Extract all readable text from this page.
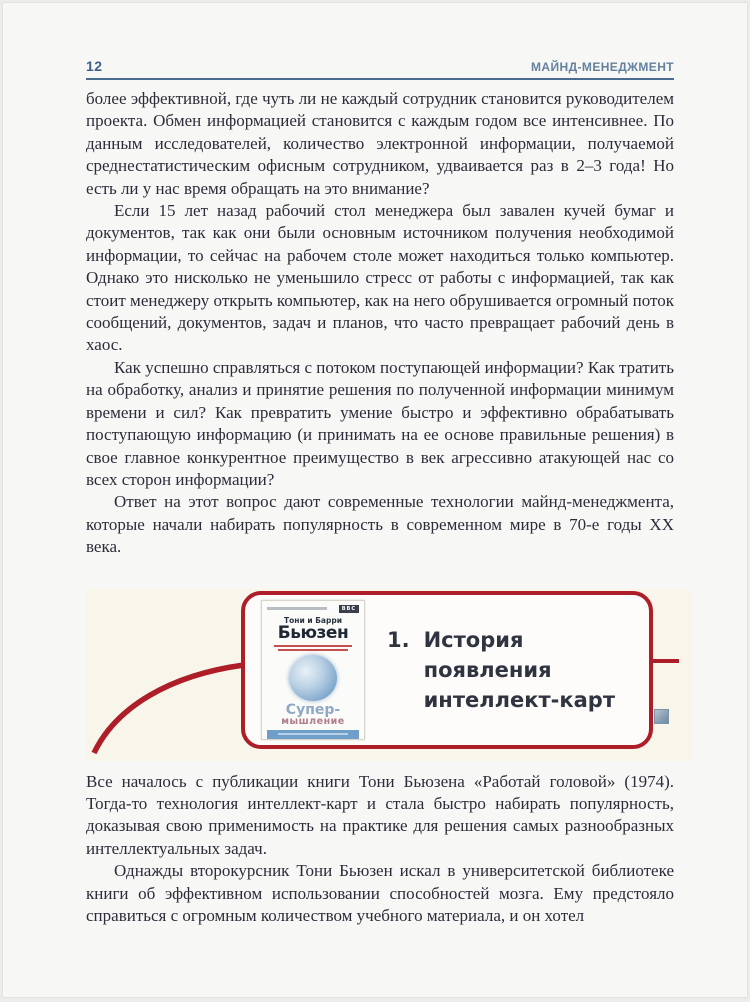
12	МАЙНД-МЕНЕДЖМЕНТ

более эффективной, где чуть ли не каждый сотрудник становится руководителем проекта. Обмен информацией становится с каждым годом все интенсивнее. По данным исследователей, количество электронной информации, получаемой среднестатистическим офисным сотрудником, удваивается раз в 2–3 года! Но есть ли у нас время обращать на это внимание?

Если 15 лет назад рабочий стол менеджера был завален кучей бумаг и документов, так как они были основным источником получения необходимой информации, то сейчас на рабочем столе может находиться только компьютер. Однако это нисколько не уменьшило стресс от работы с информацией, так как стоит менеджеру открыть компьютер, как на него обрушивается огромный поток сообщений, документов, задач и планов, что часто превращает рабочий день в хаос.

Как успешно справляться с потоком поступающей информации? Как тратить на обработку, анализ и принятие решения по полученной информации минимум времени и сил? Как превратить умение быстро и эффективно обрабатывать поступающую информацию (и принимать на ее основе правильные решения) в свое главное конкурентное преимущество в век агрессивно атакующей нас со всех сторон информации?

Ответ на этот вопрос дают современные технологии майнд-менеджмента, которые начали набирать популярность в современном мире в 70-е годы XX века.

BBC
Тони и Барри
Бьюзен
Супер-
мышление
1. История появления интеллект-карт

Все началось с публикации книги Тони Бьюзена «Работай головой» (1974). Тогда-то технология интеллект-карт и стала быстро набирать популярность, доказывая свою применимость на практике для решения самых разнообразных интеллектуальных задач.

Однажды второкурсник Тони Бьюзен искал в университетской библиотеке книги об эффективном использовании способностей мозга. Ему предстояло справиться с огромным количеством учебного материала, и он хотел
